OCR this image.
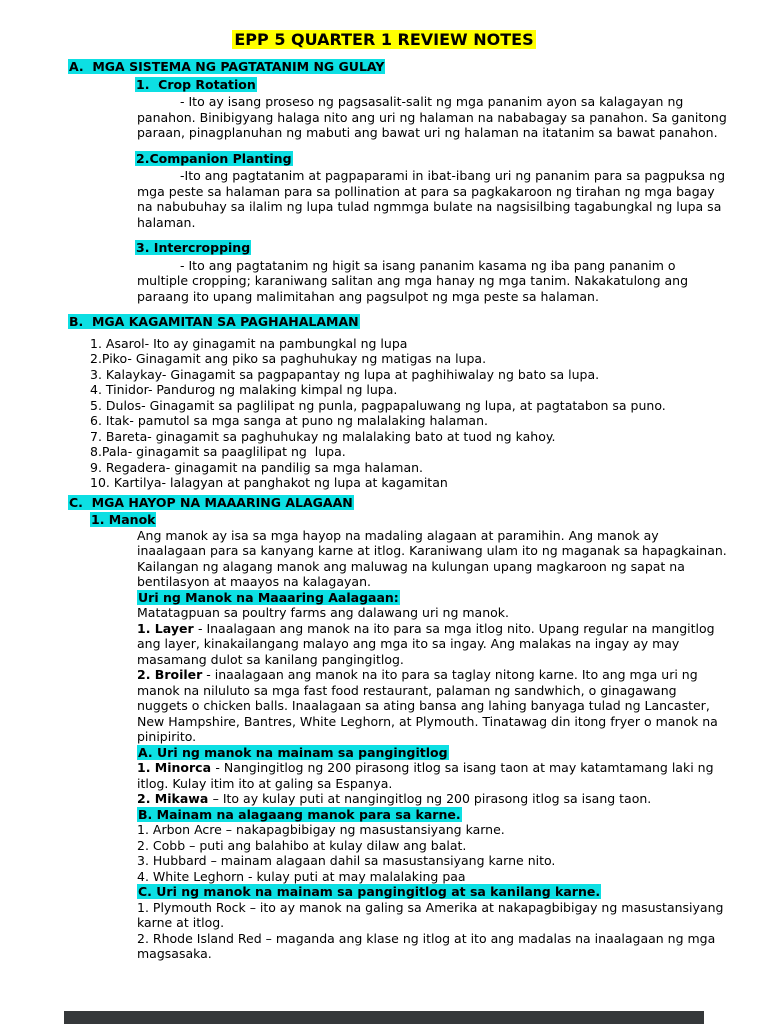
EPP 5 QUARTER 1 REVIEW NOTES
A.  MGA SISTEMA NG PAGTATANIM NG GULAY
1.  Crop Rotation
- Ito ay isang proseso ng pagsasalit-salit ng mga pananim ayon sa kalagayan ng panahon. Binibigyang halaga nito ang uri ng halaman na nababagay sa panahon. Sa ganitong paraan, pinagplanuhan ng mabuti ang bawat uri ng halaman na itatanim sa bawat panahon.
2.Companion Planting
-Ito ang pagtatanim at pagpaparami in ibat-ibang uri ng pananim para sa pagpuksa ng mga peste sa halaman para sa pollination at para sa pagkakaroon ng tirahan ng mga bagay na nabubuhay sa ilalim ng lupa tulad ngmmga bulate na nagsisilbing tagabungkal ng lupa sa halaman.
3. Intercropping
- Ito ang pagtatanim ng higit sa isang pananim kasama ng iba pang pananim o multiple cropping; karaniwang salitan ang mga hanay ng mga tanim. Nakakatulong ang paraang ito upang malimitahan ang pagsulpot ng mga peste sa halaman.
B.  MGA KAGAMITAN SA PAGHAHALAMAN
1. Asarol- Ito ay ginagamit na pambungkal ng lupa
2.Piko- Ginagamit ang piko sa paghuhukay ng matigas na lupa.
3. Kalaykay- Ginagamit sa pagpapantay ng lupa at paghihiwalay ng bato sa lupa.
4. Tinidor- Pandurog ng malaking kimpal ng lupa.
5. Dulos- Ginagamit sa paglilipat ng punla, pagpapaluwang ng lupa, at pagtatabon sa puno.
6. Itak- pamutol sa mga sanga at puno ng malalaking halaman.
7. Bareta- ginagamit sa paghuhukay ng malalaking bato at tuod ng kahoy.
8.Pala- ginagamit sa paaglilipat ng  lupa.
9. Regadera- ginagamit na pandilig sa mga halaman.
10. Kartilya- lalagyan at panghakot ng lupa at kagamitan
C.  MGA HAYOP NA MAAARING ALAGAAN
1. Manok
Ang manok ay isa sa mga hayop na madaling alagaan at paramihin. Ang manok ay inaalagaan para sa kanyang karne at itlog. Karaniwang ulam ito ng maganak sa hapagkainan. Kailangan ng alagang manok ang maluwag na kulungan upang magkaroon ng sapat na bentilasyon at maayos na kalagayan.
Uri ng Manok na Maaaring Aalagaan:
Matatagpuan sa poultry farms ang dalawang uri ng manok.
1. Layer - Inaalagaan ang manok na ito para sa mga itlog nito. Upang regular na mangitlog ang layer, kinakailangang malayo ang mga ito sa ingay. Ang malakas na ingay ay may masamang dulot sa kanilang pangingitlog.
2. Broiler - inaalagaan ang manok na ito para sa taglay nitong karne. Ito ang mga uri ng manok na niluluto sa mga fast food restaurant, palaman ng sandwhich, o ginagawang nuggets o chicken balls. Inaalagaan sa ating bansa ang lahing banyaga tulad ng Lancaster, New Hampshire, Bantres, White Leghorn, at Plymouth. Tinatawag din itong fryer o manok na pinipirito.
A. Uri ng manok na mainam sa pangingitlog
1. Minorca - Nangingitlog ng 200 pirasong itlog sa isang taon at may katamtamang laki ng itlog. Kulay itim ito at galing sa Espanya.
2. Mikawa – Ito ay kulay puti at nangingitlog ng 200 pirasong itlog sa isang taon.
B. Mainam na alagaang manok para sa karne.
1. Arbon Acre – nakapagbibigay ng masustansiyang karne.
2. Cobb – puti ang balahibo at kulay dilaw ang balat.
3. Hubbard – mainam alagaan dahil sa masustansiyang karne nito.
4. White Leghorn - kulay puti at may malalaking paa
C. Uri ng manok na mainam sa pangingitlog at sa kanilang karne.
1. Plymouth Rock – ito ay manok na galing sa Amerika at nakapagbibigay ng masustansiyang karne at itlog.
2. Rhode Island Red – maganda ang klase ng itlog at ito ang madalas na inaalagaan ng mga magsasaka.
